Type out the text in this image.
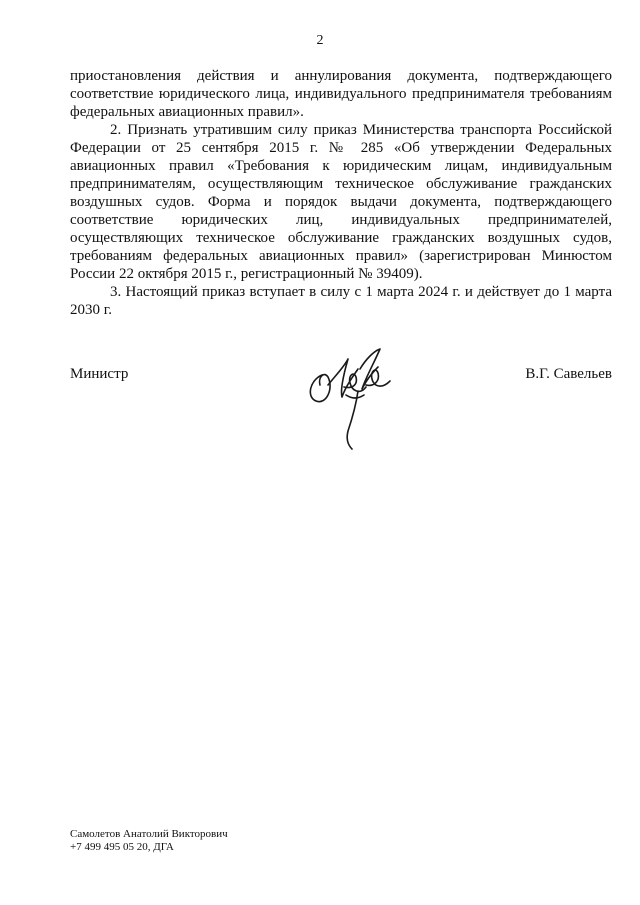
2

приостановления действия и аннулирования документа, подтверждающего соответствие юридического лица, индивидуального предпринимателя требованиям федеральных авиационных правил».

2. Признать утратившим силу приказ Министерства транспорта Российской Федерации от 25 сентября 2015 г. № 285 «Об утверждении Федеральных авиационных правил «Требования к юридическим лицам, индивидуальным предпринимателям, осуществляющим техническое обслуживание гражданских воздушных судов. Форма и порядок выдачи документа, подтверждающего соответствие юридических лиц, индивидуальных предпринимателей, осуществляющих техническое обслуживание гражданских воздушных судов, требованиям федеральных авиационных правил» (зарегистрирован Минюстом России 22 октября 2015 г., регистрационный № 39409).

3. Настоящий приказ вступает в силу с 1 марта 2024 г. и действует до 1 марта 2030 г.

Министр	В.Г. Савельев
Самолетов Анатолий Викторович
+7 499 495 05 20, ДГА
